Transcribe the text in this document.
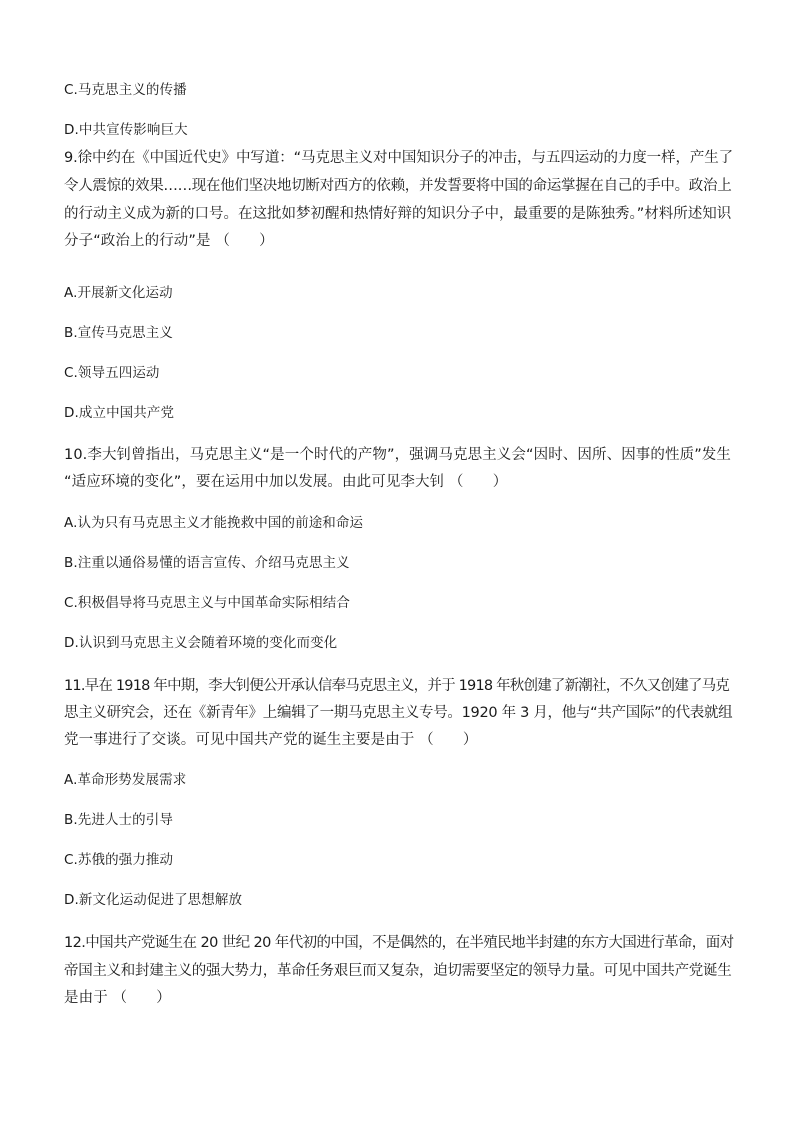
C.马克思主义的传播
D.中共宣传影响巨大
9.徐中约在《中国近代史》中写道：“马克思主义对中国知识分子的冲击，与五四运动的力度一样，产生了
令人震惊的效果……现在他们坚决地切断对西方的依赖，并发誓要将中国的命运掌握在自己的手中。政治上
的行动主义成为新的口号。在这批如梦初醒和热情好辩的知识分子中，最重要的是陈独秀。”材料所述知识
分子“政治上的行动”是 （　　）
A.开展新文化运动
B.宣传马克思主义
C.领导五四运动
D.成立中国共产党
10.李大钊曾指出，马克思主义“是一个时代的产物”，强调马克思主义会“因时、因所、因事的性质”发生
“适应环境的变化”，要在运用中加以发展。由此可见李大钊 （　　）
A.认为只有马克思主义才能挽救中国的前途和命运
B.注重以通俗易懂的语言宣传、介绍马克思主义
C.积极倡导将马克思主义与中国革命实际相结合
D.认识到马克思主义会随着环境的变化而变化
11.早在 1918 年中期，李大钊便公开承认信奉马克思主义，并于 1918 年秋创建了新潮社，不久又创建了马克
思主义研究会，还在《新青年》上编辑了一期马克思主义专号。1920 年 3 月，他与“共产国际”的代表就组
党一事进行了交谈。可见中国共产党的诞生主要是由于 （　　）
A.革命形势发展需求
B.先进人士的引导
C.苏俄的强力推动
D.新文化运动促进了思想解放
12.中国共产党诞生在 20 世纪 20 年代初的中国，不是偶然的，在半殖民地半封建的东方大国进行革命，面对
帝国主义和封建主义的强大势力，革命任务艰巨而又复杂，迫切需要坚定的领导力量。可见中国共产党诞生
是由于 （　　）
